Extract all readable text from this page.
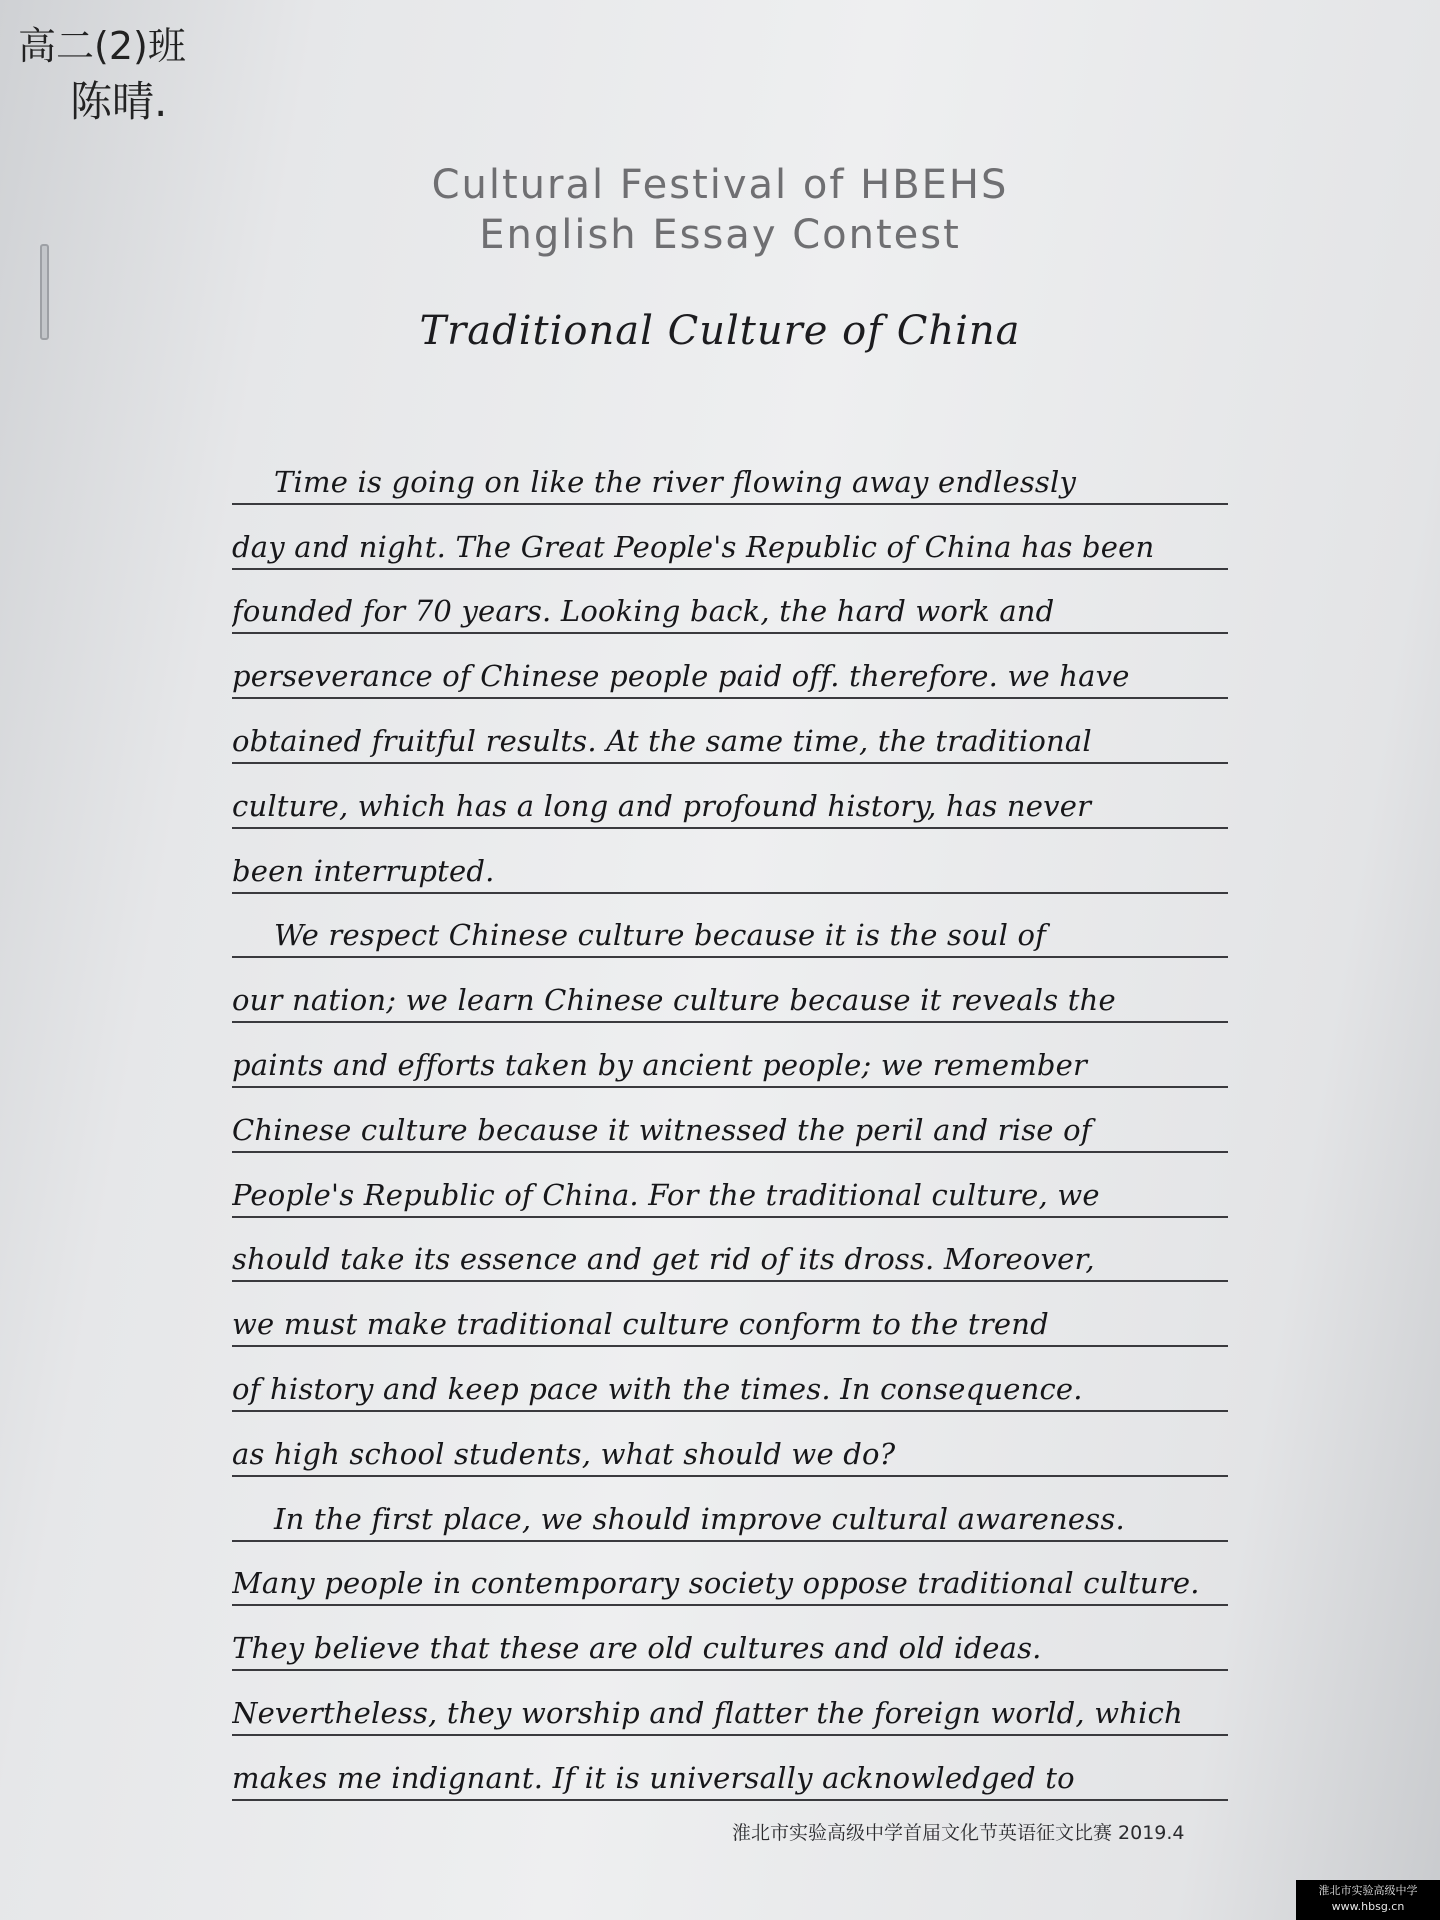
高二(2)班
陈晴.
Cultural Festival of HBEHS
English Essay Contest
Traditional Culture of China
Time is going on like the river flowing away endlessly
day and night. The Great People's Republic of China has been
founded for 70 years. Looking back, the hard work and
perseverance of Chinese people paid off. therefore. we have
obtained fruitful results. At the same time, the traditional
culture, which has a long and profound history, has never
been interrupted.
We respect Chinese culture because it is the soul of
our nation; we learn Chinese culture because it reveals the
paints and efforts taken by ancient people; we remember
Chinese culture because it witnessed the peril and rise of
People's Republic of China. For the traditional culture, we
should take its essence and get rid of its dross. Moreover,
we must make traditional culture conform to the trend
of history and keep pace with the times. In consequence.
as high school students, what should we do?
In the first place, we should improve cultural awareness.
Many people in contemporary society oppose traditional culture.
They believe that these are old cultures and old ideas.
Nevertheless, they worship and flatter the foreign world, which
makes me indignant. If it is universally acknowledged to
淮北市实验高级中学首届文化节英语征文比赛 2019.4
淮北市实验高级中学
www.hbsg.cn
